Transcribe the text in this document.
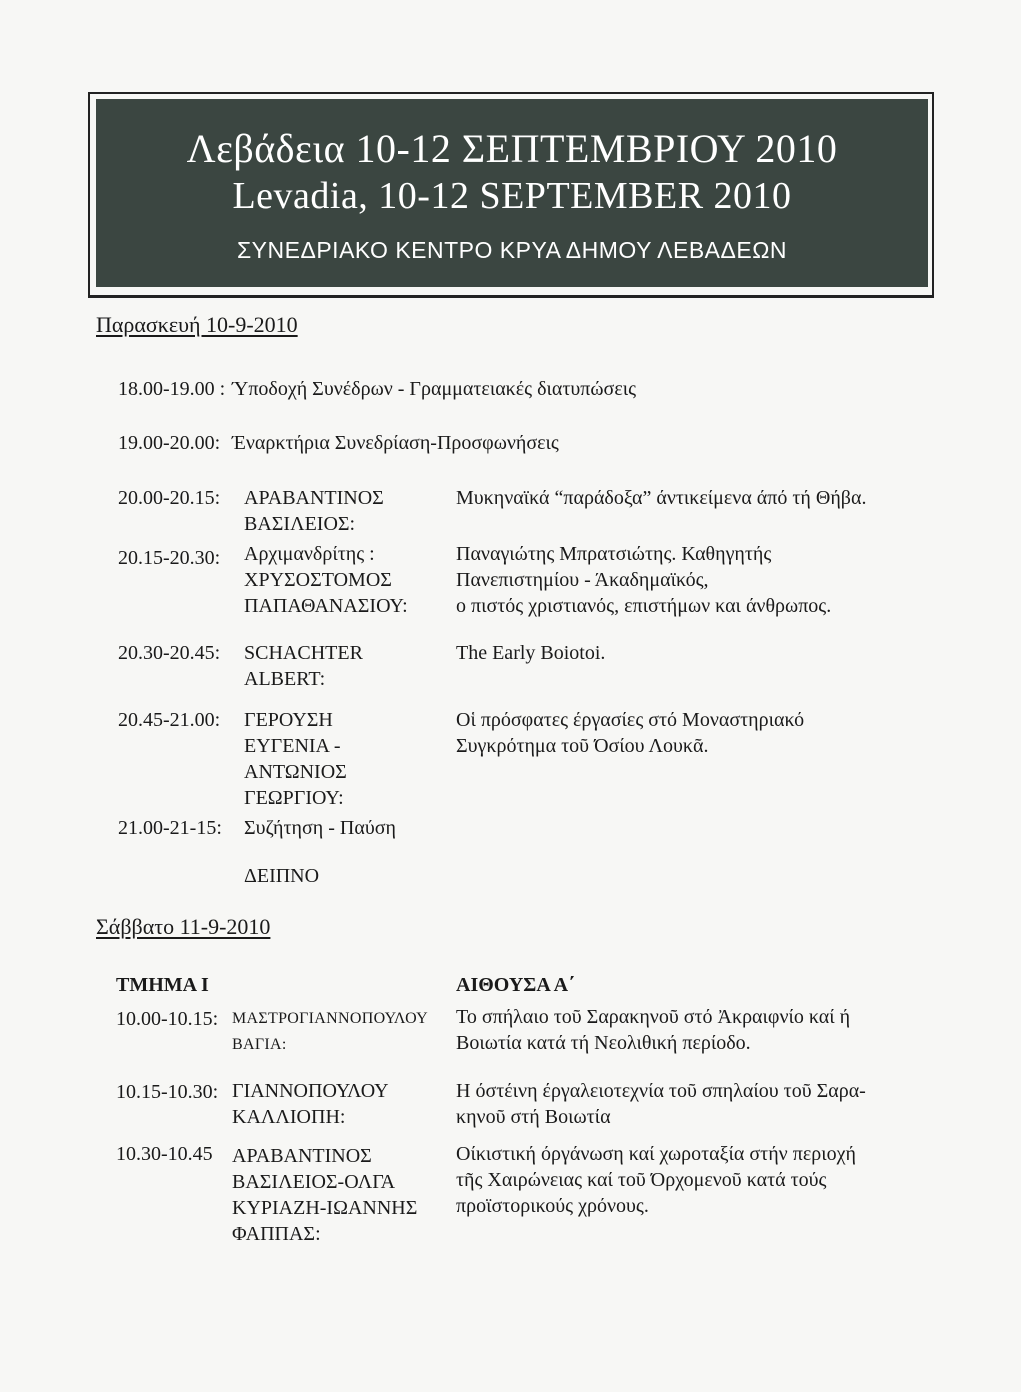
Λεβάδεια 10-12 ΣΕΠΤΕΜΒΡΙΟΥ 2010
Levadia, 10-12 SEPTEMBER 2010
ΣΥΝΕΔΡΙΑΚΟ ΚΕΝΤΡΟ ΚΡΥΑ ΔΗΜΟΥ ΛΕΒΑΔΕΩΝ
Παρασκευή 10-9-2010
18.00-19.00 : Ύποδοχή Συνέδρων - Γραμματειακές διατυπώσεις
19.00-20.00: Έναρκτήρια Συνεδρίαση-Προσφωνήσεις
20.00-20.15: ΑΡΑΒΑΝΤΙΝΟΣ
ΒΑΣΙΛΕΙΟΣ:
Μυκηναϊκά “παράδοξα” άντικείμενα άπό τή Θήβα.
20.15-20.30: Αρχιμανδρίτης :
ΧΡΥΣΟΣΤΟΜΟΣ
ΠΑΠΑΘΑΝΑΣΙΟΥ:
Παναγιώτης Μπρατσιώτης. Καθηγητής
Πανεπιστημίου - Άκαδημαϊκός,
ο πιστός χριστιανός, επιστήμων και άνθρωπος.
20.30-20.45: SCHACHTER
ALBERT:
The Early Boiotoi.
20.45-21.00: ΓΕΡΟΥΣΗ
ΕΥΓΕΝΙΑ -
ΑΝΤΩΝΙΟΣ
ΓΕΩΡΓΙΟΥ:
Οἱ πρόσφατες έργασίες στό Μοναστηριακό
Συγκρότημα τοῦ Όσίου Λουκᾶ.
21.00-21-15: Συζήτηση - Παύση
ΔΕΙΠΝΟ
Σάββατο 11-9-2010
ΤΜΗΜΑ Ι	ΑΙΘΟΥΣΑ Α΄
10.00-10.15: ΜΑΣΤΡΟΓΙΑΝΝΟΠΟΥΛΟΥ
ΒΑΓΙΑ:
Το σπήλαιο τοῦ Σαρακηνοῦ στό Ἀκραιφνίο καί ή
Βοιωτία κατά τή Νεολιθική περίοδο.
10.15-10.30: ΓΙΑΝΝΟΠΟΥΛΟΥ
ΚΑΛΛΙΟΠΗ:
Η όστέινη έργαλειοτεχνία τοῦ σπηλαίου τοῦ Σαρα-
κηνοῦ στή Βοιωτία
10.30-10.45 ΑΡΑΒΑΝΤΙΝΟΣ
ΒΑΣΙΛΕΙΟΣ-ΟΛΓΑ
ΚΥΡΙΑΖΗ-ΙΩΑΝΝΗΣ
ΦΑΠΠΑΣ:
Οίκιστική όργάνωση καί χωροταξία στήν περιοχή
τῆς Χαιρώνειας καί τοῦ Όρχομενοῦ κατά τούς
προϊστορικούς χρόνους.
